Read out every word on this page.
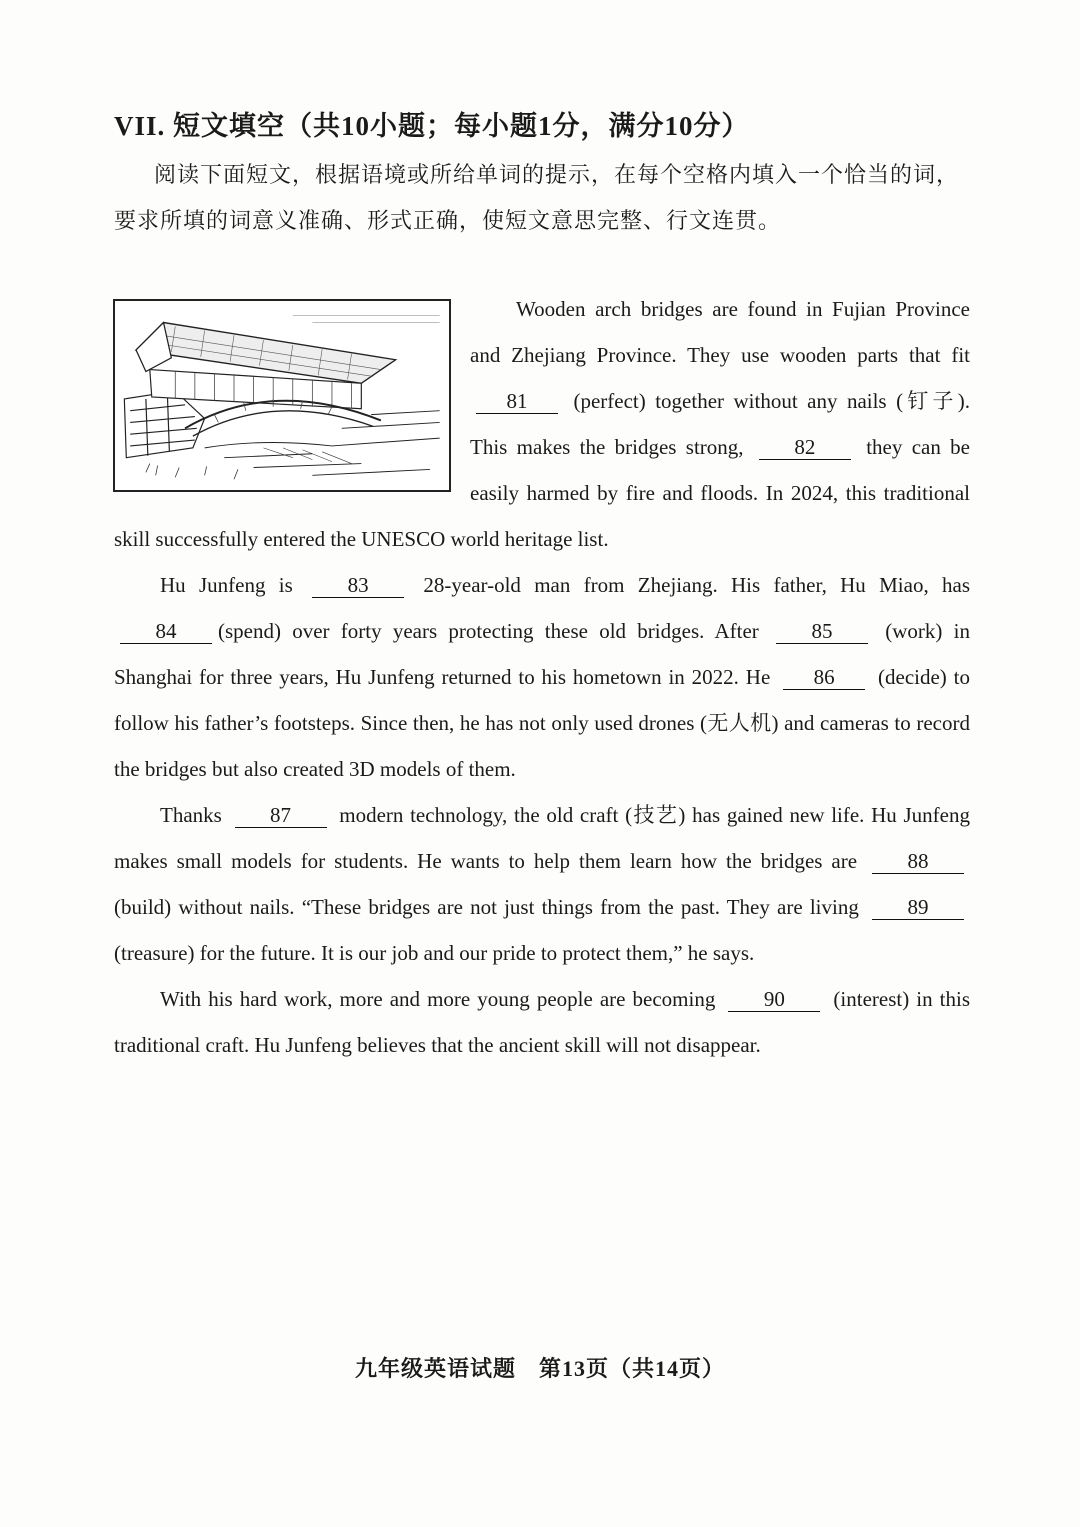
VII. 短文填空（共10小题；每小题1分，满分10分）
阅读下面短文，根据语境或所给单词的提示，在每个空格内填入一个恰当的词，要求所填的词意义准确、形式正确，使短文意思完整、行文连贯。

Wooden arch bridges are found in Fujian Province and Zhejiang Province. They use wooden parts that fit 81 (perfect) together without any nails (钉子). This makes the bridges strong, 82 they can be easily harmed by fire and floods. In 2024, this traditional skill successfully entered the UNESCO world heritage list.

Hu Junfeng is 83 28-year-old man from Zhejiang. His father, Hu Miao, has 84 (spend) over forty years protecting these old bridges. After 85 (work) in Shanghai for three years, Hu Junfeng returned to his hometown in 2022. He 86 (decide) to follow his father’s footsteps. Since then, he has not only used drones (无人机) and cameras to record the bridges but also created 3D models of them.

Thanks 87 modern technology, the old craft (技艺) has gained new life. Hu Junfeng makes small models for students. He wants to help them learn how the bridges are 88 (build) without nails. “These bridges are not just things from the past. They are living 89 (treasure) for the future. It is our job and our pride to protect them,” he says.

With his hard work, more and more young people are becoming 90 (interest) in this traditional craft. Hu Junfeng believes that the ancient skill will not disappear.

九年级英语试题　第13页（共14页）
